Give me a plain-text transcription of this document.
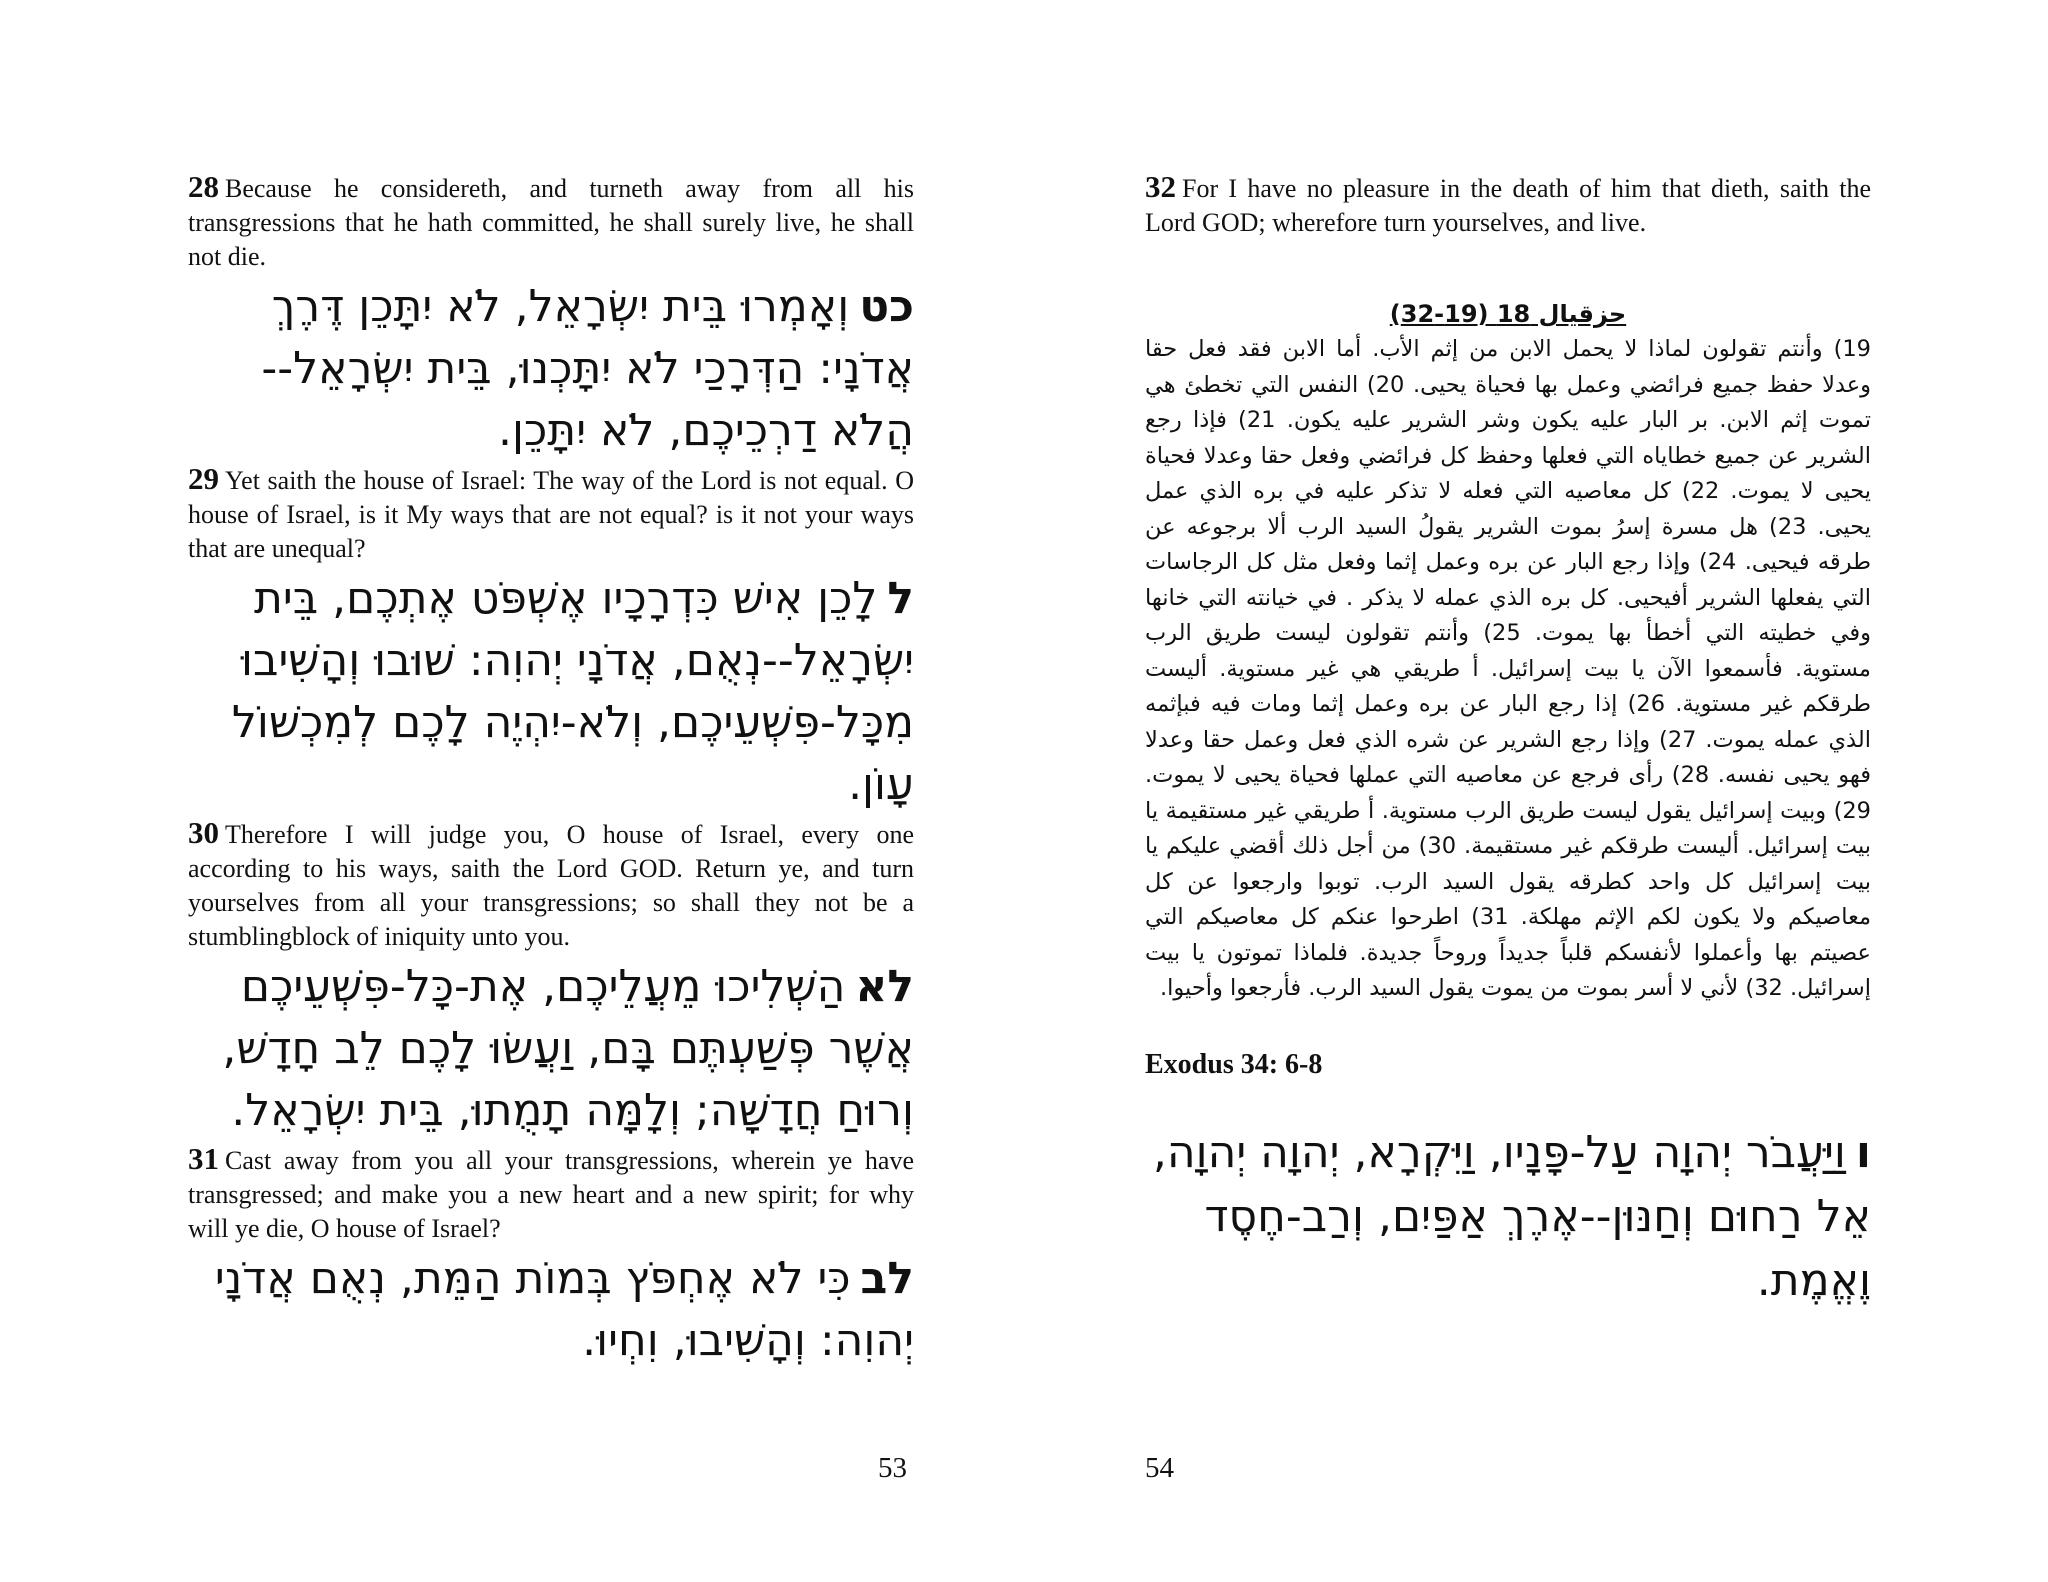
28 Because he considereth, and turneth away from all his transgressions that he hath committed, he shall surely live, he shall not die.

כטוְאָמְרוּ בֵּית יִשְׂרָאֵל, לֹא יִתָּכֵן דֶּרֶךְ אֲדֹנָי: הַדְּרָכַי לֹא יִתָּכְנוּ, בֵּית יִשְׂרָאֵל-- הֲלֹא דַרְכֵיכֶם, לֹא יִתָּכֵן.

29 Yet saith the house of Israel: The way of the Lord is not equal. O house of Israel, is it My ways that are not equal? is it not your ways that are unequal?

ללָכֵן אִישׁ כִּדְרָכָיו אֶשְׁפֹּט אֶתְכֶם, בֵּית יִשְׂרָאֵל--נְאֻם, אֲדֹנָי יְהוִה: שׁוּבוּ וְהָשִׁיבוּ מִכָּל-פִּשְׁעֵיכֶם, וְלֹא-יִהְיֶה לָכֶם לְמִכְשׁוֹל עָוֹן.

30 Therefore I will judge you, O house of Israel, every one according to his ways, saith the Lord GOD. Return ye, and turn yourselves from all your transgressions; so shall they not be a stumblingblock of iniquity unto you.

לאהַשְׁלִיכוּ מֵעֲלֵיכֶם, אֶת-כָּל-פִּשְׁעֵיכֶם אֲשֶׁר פְּשַׁעְתֶּם בָּם, וַעֲשׂוּ לָכֶם לֵב חָדָשׁ, וְרוּחַ חֲדָשָׁה; וְלָמָּה תָמֻתוּ, בֵּית יִשְׂרָאֵל.

31 Cast away from you all your transgressions, wherein ye have transgressed; and make you a new heart and a new spirit; for why will ye die, O house of Israel?

לבכִּי לֹא אֶחְפֹּץ בְּמוֹת הַמֵּת, נְאֻם אֲדֹנָי יְהוִה: וְהָשִׁיבוּ, וִחְיוּ.

53

32 For I have no pleasure in the death of him that dieth, saith the Lord GOD; wherefore turn yourselves, and live.

حزقيال 18 (19-32)

19) وأنتم تقولون لماذا لا يحمل الابن من إثم الأب. أما الابن فقد فعل حقا وعدلا حفظ جميع فرائضي وعمل بها فحياة يحيى. 20) النفس التي تخطئ هي تموت إثم الابن. بر البار عليه يكون وشر الشرير عليه يكون. 21) فإذا رجع الشرير عن جميع خطاياه التي فعلها وحفظ كل فرائضي وفعل حقا وعدلا فحياة يحيى لا يموت. 22) كل معاصيه التي فعله لا تذكر عليه في بره الذي عمل يحيى. 23) هل مسرة إسرُ بموت الشرير يقولُ السيد الرب ألا برجوعه عن طرقه فيحيى. 24) وإذا رجع البار عن بره وعمل إثما وفعل مثل كل الرجاسات التي يفعلها الشرير أفيحيى. كل بره الذي عمله لا يذكر . في خيانته التي خانها وفي خطيته التي أخطأ بها يموت. 25) وأنتم تقولون ليست طريق الرب مستوية. فأسمعوا الآن يا بيت إسرائيل. أ طريقي هي غير مستوية. أليست طرقكم غير مستوية. 26) إذا رجع البار عن بره وعمل إثما ومات فيه فبإثمه الذي عمله يموت. 27) وإذا رجع الشرير عن شره الذي فعل وعمل حقا وعدلا فهو يحيى نفسه. 28) رأى فرجع عن معاصيه التي عملها فحياة يحيى لا يموت. 29) وبيت إسرائيل يقول ليست طريق الرب مستوية. أ طريقي غير مستقيمة يا بيت إسرائيل. أليست طرقكم غير مستقيمة. 30) من أجل ذلك أقضي عليكم يا بيت إسرائيل كل واحد كطرقه يقول السيد الرب. توبوا وارجعوا عن كل معاصيكم ولا يكون لكم الإثم مهلكة. 31) اطرحوا عنكم كل معاصيكم التي عصيتم بها وأعملوا لأنفسكم قلباً جديداً وروحاً جديدة. فلماذا تموتون يا بيت إسرائيل. 32) لأني لا أسر بموت من يموت يقول السيد الرب. فأرجعوا وأحيوا.

Exodus 34: 6-8

ווַיַּעֲבֹר יְהוָה עַל-פָּנָיו, וַיִּקְרָא, יְהוָה יְהוָה, אֵל רַחוּם וְחַנּוּן--אֶרֶךְ אַפַּיִם, וְרַב-חֶסֶד וֶאֱמֶת.

54
